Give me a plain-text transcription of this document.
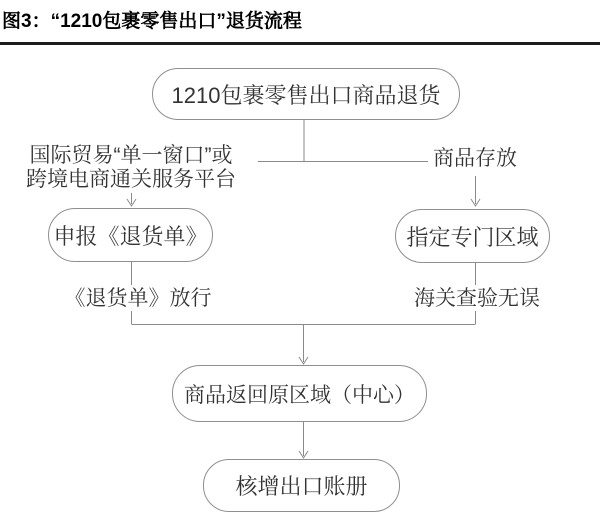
图3：“1210包裹零售出口”退货流程
1210包裹零售出口商品退货
国际贸易“单一窗口”或
跨境电商通关服务平台
商品存放
申报《退货单》	指定专门区域
《退货单》放行	海关查验无误
商品返回原区域（中心）
核增出口账册
